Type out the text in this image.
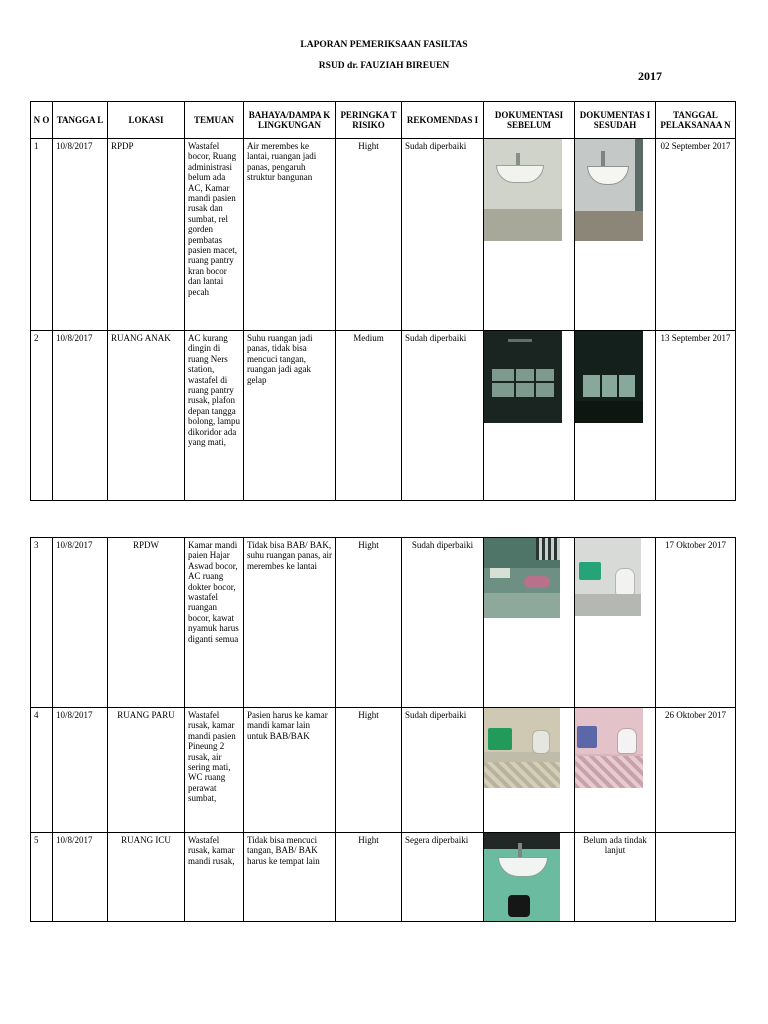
LAPORAN PEMERIKSAAN FASILTAS
RSUD dr. FAUZIAH BIREUEN
2017
N O	TANGGA L	LOKASI	TEMUAN	BAHAYA/DAMPA K LINGKUNGAN	PERINGKA T RISIKO	REKOMENDAS I	DOKUMENTASI SEBELUM	DOKUMENTAS I SESUDAH	TANGGAL PELAKSANAA N
1	10/8/2017	RPDP	Wastafel bocor, Ruang administrasi belum ada AC, Kamar mandi pasien rusak dan sumbat, rel gorden pembatas pasien macet, ruang pantry kran bocor dan lantai pecah	Air merembes ke lantai, ruangan jadi panas, pengaruh struktur bangunan	Hight	Sudah diperbaiki			02 September 2017
2	10/8/2017	RUANG ANAK	AC kurang dingin di ruang Ners station, wastafel di ruang pantry rusak, plafon depan tangga bolong, lampu dikoridor ada yang mati,	Suhu ruangan jadi panas, tidak bisa mencuci tangan, ruangan jadi agak gelap	Medium	Sudah diperbaiki			13 September 2017
3	10/8/2017	RPDW	Kamar mandi paien Hajar Aswad bocor, AC ruang dokter bocor, wastafel ruangan bocor, kawat nyamuk harus diganti semua	Tidak bisa BAB/ BAK, suhu ruangan panas, air merembes ke lantai	Hight	Sudah diperbaiki			17 Oktober 2017
4	10/8/2017	RUANG PARU	Wastafel rusak, kamar mandi pasien Pineung 2 rusak, air sering mati, WC ruang perawat sumbat,	Pasien harus ke kamar mandi kamar lain untuk BAB/BAK	Hight	Sudah diperbaiki			26 Oktober 2017
5	10/8/2017	RUANG ICU	Wastafel rusak, kamar mandi rusak,	Tidak bisa mencuci tangan, BAB/ BAK harus ke tempat lain	Hight	Segera diperbaiki		Belum ada tindak lanjut	
